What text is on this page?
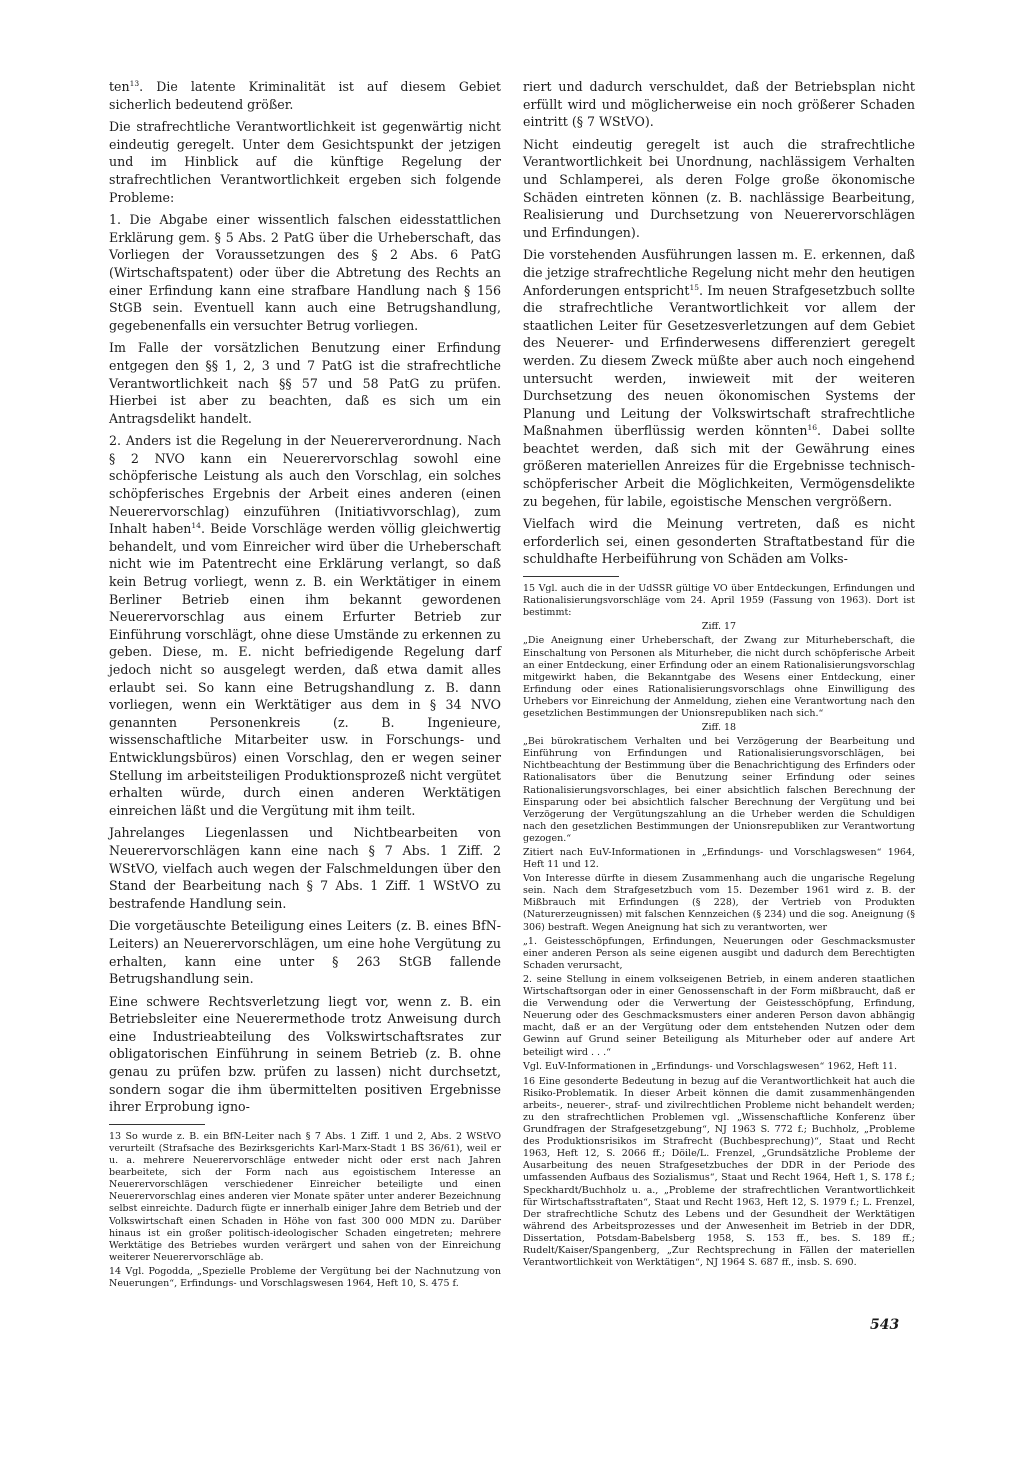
ten$^{13}$. Die latente Kriminalität ist auf diesem Gebiet sicherlich bedeutend größer.

Die strafrechtliche Verantwortlichkeit ist gegenwärtig nicht eindeutig geregelt. Unter dem Gesichtspunkt der jetzigen und im Hinblick auf die künftige Regelung der strafrechtlichen Verantwortlichkeit ergeben sich folgende Probleme:

1. Die Abgabe einer wissentlich falschen eidesstattlichen Erklärung gem. § 5 Abs. 2 PatG über die Urheberschaft, das Vorliegen der Voraussetzungen des § 2 Abs. 6 PatG (Wirtschaftspatent) oder über die Abtretung des Rechts an einer Erfindung kann eine strafbare Handlung nach § 156 StGB sein. Eventuell kann auch eine Betrugshandlung, gegebenenfalls ein versuchter Betrug vorliegen.

Im Falle der vorsätzlichen Benutzung einer Erfindung entgegen den §§ 1, 2, 3 und 7 PatG ist die strafrechtliche Verantwortlichkeit nach §§ 57 und 58 PatG zu prüfen. Hierbei ist aber zu beachten, daß es sich um ein Antragsdelikt handelt.

2. Anders ist die Regelung in der Neuererverordnung. Nach § 2 NVO kann ein Neuerervorschlag sowohl eine schöpferische Leistung als auch den Vorschlag, ein solches schöpferisches Ergebnis der Arbeit eines anderen (einen Neuerervorschlag) einzuführen (Initiativvorschlag), zum Inhalt haben$^{14}$. Beide Vorschläge werden völlig gleichwertig behandelt, und vom Einreicher wird über die Urheberschaft nicht wie im Patentrecht eine Erklärung verlangt, so daß kein Betrug vorliegt, wenn z. B. ein Werktätiger in einem Berliner Betrieb einen ihm bekannt gewordenen Neuerervorschlag aus einem Erfurter Betrieb zur Einführung vorschlägt, ohne diese Umstände zu erkennen zu geben. Diese, m. E. nicht befriedigende Regelung darf jedoch nicht so ausgelegt werden, daß etwa damit alles erlaubt sei. So kann eine Betrugshandlung z. B. dann vorliegen, wenn ein Werktätiger aus dem in § 34 NVO genannten Personenkreis (z. B. Ingenieure, wissenschaftliche Mitarbeiter usw. in Forschungs- und Entwicklungsbüros) einen Vorschlag, den er wegen seiner Stellung im arbeitsteiligen Produktionsprozeß nicht vergütet erhalten würde, durch einen anderen Werktätigen einreichen läßt und die Vergütung mit ihm teilt.

Jahrelanges Liegenlassen und Nichtbearbeiten von Neuerervorschlägen kann eine nach § 7 Abs. 1 Ziff. 2 WStVO, vielfach auch wegen der Falschmeldungen über den Stand der Bearbeitung nach § 7 Abs. 1 Ziff. 1 WStVO zu bestrafende Handlung sein.

Die vorgetäuschte Beteiligung eines Leiters (z. B. eines BfN-Leiters) an Neuerervorschlägen, um eine hohe Vergütung zu erhalten, kann eine unter § 263 StGB fallende Betrugshandlung sein.

Eine schwere Rechtsverletzung liegt vor, wenn z. B. ein Betriebsleiter eine Neuerermethode trotz Anweisung durch eine Industrieabteilung des Volkswirtschaftsrates zur obligatorischen Einführung in seinem Betrieb (z. B. ohne genau zu prüfen bzw. prüfen zu lassen) nicht durchsetzt, sondern sogar die ihm übermittelten positiven Ergebnisse ihrer Erprobung igno-

13 So wurde z. B. ein BfN-Leiter nach § 7 Abs. 1 Ziff. 1 und 2, Abs. 2 WStVO verurteilt (Strafsache des Bezirksgerichts Karl-Marx-Stadt 1 BS 36/61), weil er u. a. mehrere Neuerervorschläge entweder nicht oder erst nach Jahren bearbeitete, sich der Form nach aus egoistischem Interesse an Neuerervorschlägen verschiedener Einreicher beteiligte und einen Neuerervorschlag eines anderen vier Monate später unter anderer Bezeichnung selbst einreichte. Dadurch fügte er innerhalb einiger Jahre dem Betrieb und der Volkswirtschaft einen Schaden in Höhe von fast 300 000 MDN zu. Darüber hinaus ist ein großer politisch-ideologischer Schaden eingetreten; mehrere Werktätige des Betriebes wurden verärgert und sahen von der Einreichung weiterer Neuerervorschläge ab.

14 Vgl. Pogodda, „Spezielle Probleme der Vergütung bei der Nachnutzung von Neuerungen“, Erfindungs- und Vorschlagswesen 1964, Heft 10, S. 475 f.

riert und dadurch verschuldet, daß der Betriebsplan nicht erfüllt wird und möglicherweise ein noch größerer Schaden eintritt (§ 7 WStVO).

Nicht eindeutig geregelt ist auch die strafrechtliche Verantwortlichkeit bei Unordnung, nachlässigem Verhalten und Schlamperei, als deren Folge große ökonomische Schäden eintreten können (z. B. nachlässige Bearbeitung, Realisierung und Durchsetzung von Neuerervorschlägen und Erfindungen).

Die vorstehenden Ausführungen lassen m. E. erkennen, daß die jetzige strafrechtliche Regelung nicht mehr den heutigen Anforderungen entspricht$^{15}$. Im neuen Strafgesetzbuch sollte die strafrechtliche Verantwortlichkeit vor allem der staatlichen Leiter für Gesetzesverletzungen auf dem Gebiet des Neuerer- und Erfinderwesens differenziert geregelt werden. Zu diesem Zweck müßte aber auch noch eingehend untersucht werden, inwieweit mit der weiteren Durchsetzung des neuen ökonomischen Systems der Planung und Leitung der Volkswirtschaft strafrechtliche Maßnahmen überflüssig werden könnten$^{16}$. Dabei sollte beachtet werden, daß sich mit der Gewährung eines größeren materiellen Anreizes für die Ergebnisse technisch-schöpferischer Arbeit die Möglichkeiten, Vermögensdelikte zu begehen, für labile, egoistische Menschen vergrößern.

Vielfach wird die Meinung vertreten, daß es nicht erforderlich sei, einen gesonderten Straftatbestand für die schuldhafte Herbeiführung von Schäden am Volks-

15 Vgl. auch die in der UdSSR gültige VO über Entdeckungen, Erfindungen und Rationalisierungsvorschläge vom 24. April 1959 (Fassung von 1963). Dort ist bestimmt:

Ziff. 17

„Die Aneignung einer Urheberschaft, der Zwang zur Miturheberschaft, die Einschaltung von Personen als Miturheber, die nicht durch schöpferische Arbeit an einer Entdeckung, einer Erfindung oder an einem Rationalisierungsvorschlag mitgewirkt haben, die Bekanntgabe des Wesens einer Entdeckung, einer Erfindung oder eines Rationalisierungsvorschlags ohne Einwilligung des Urhebers vor Einreichung der Anmeldung, ziehen eine Verantwortung nach den gesetzlichen Bestimmungen der Unionsrepubliken nach sich.“

Ziff. 18

„Bei bürokratischem Verhalten und bei Verzögerung der Bearbeitung und Einführung von Erfindungen und Rationalisierungsvorschlägen, bei Nichtbeachtung der Bestimmung über die Benachrichtigung des Erfinders oder Rationalisators über die Benutzung seiner Erfindung oder seines Rationalisierungsvorschlages, bei einer absichtlich falschen Berechnung der Einsparung oder bei absichtlich falscher Berechnung der Vergütung und bei Verzögerung der Vergütungszahlung an die Urheber werden die Schuldigen nach den gesetzlichen Bestimmungen der Unionsrepubliken zur Verantwortung gezogen.“

Zitiert nach EuV-Informationen in „Erfindungs- und Vorschlagswesen“ 1964, Heft 11 und 12.

Von Interesse dürfte in diesem Zusammenhang auch die ungarische Regelung sein. Nach dem Strafgesetzbuch vom 15. Dezember 1961 wird z. B. der Mißbrauch mit Erfindungen (§ 228), der Vertrieb von Produkten (Naturerzeugnissen) mit falschen Kennzeichen (§ 234) und die sog. Aneignung (§ 306) bestraft. Wegen Aneignung hat sich zu verantworten, wer

„1. Geistesschöpfungen, Erfindungen, Neuerungen oder Geschmacksmuster einer anderen Person als seine eigenen ausgibt und dadurch dem Berechtigten Schaden verursacht,

2. seine Stellung in einem volkseigenen Betrieb, in einem anderen staatlichen Wirtschaftsorgan oder in einer Genossenschaft in der Form mißbraucht, daß er die Verwendung oder die Verwertung der Geistesschöpfung, Erfindung, Neuerung oder des Geschmacksmusters einer anderen Person davon abhängig macht, daß er an der Vergütung oder dem entstehenden Nutzen oder dem Gewinn auf Grund seiner Beteiligung als Miturheber oder auf andere Art beteiligt wird . . .“

Vgl. EuV-Informationen in „Erfindungs- und Vorschlagswesen“ 1962, Heft 11.

16 Eine gesonderte Bedeutung in bezug auf die Verantwortlichkeit hat auch die Risiko-Problematik. In dieser Arbeit können die damit zusammenhängenden arbeits-, neuerer-, straf- und zivilrechtlichen Probleme nicht behandelt werden; zu den strafrechtlichen Problemen vgl. „Wissenschaftliche Konferenz über Grundfragen der Strafgesetzgebung“, NJ 1963 S. 772 f.; Buchholz, „Probleme des Produktionsrisikos im Strafrecht (Buchbesprechung)“, Staat und Recht 1963, Heft 12, S. 2066 ff.; Döile/L. Frenzel, „Grundsätzliche Probleme der Ausarbeitung des neuen Strafgesetzbuches der DDR in der Periode des umfassenden Aufbaus des Sozialismus“, Staat und Recht 1964, Heft 1, S. 178 f.; Speckhardt/Buchholz u. a., „Probleme der strafrechtlichen Verantwortlichkeit für Wirtschaftsstraftaten“, Staat und Recht 1963, Heft 12, S. 1979 f.; L. Frenzel, Der strafrechtliche Schutz des Lebens und der Gesundheit der Werktätigen während des Arbeitsprozesses und der Anwesenheit im Betrieb in der DDR, Dissertation, Potsdam-Babelsberg 1958, S. 153 ff., bes. S. 189 ff.; Rudelt/Kaiser/Spangenberg, „Zur Rechtsprechung in Fällen der materiellen Verantwortlichkeit von Werktätigen“, NJ 1964 S. 687 ff., insb. S. 690.

543
